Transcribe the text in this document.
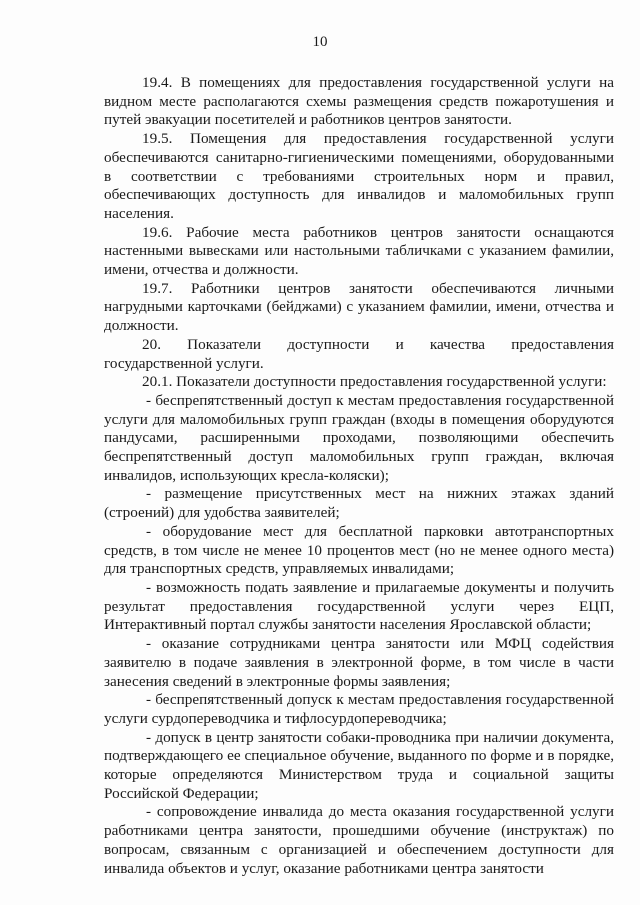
10

19.4. В помещениях для предоставления государственной услуги на видном месте располагаются схемы размещения средств пожаротушения и путей эвакуации посетителей и работников центров занятости.

19.5. Помещения для предоставления государственной услуги обеспечиваются санитарно-гигиеническими помещениями, оборудованными в соответствии с требованиями строительных норм и правил, обеспечивающих доступность для инвалидов и маломобильных групп населения.

19.6. Рабочие места работников центров занятости оснащаются настенными вывесками или настольными табличками с указанием фамилии, имени, отчества и должности.

19.7. Работники центров занятости обеспечиваются личными нагрудными карточками (бейджами) с указанием фамилии, имени, отчества и должности.

20. Показатели доступности и качества предоставления государственной услуги.

20.1. Показатели доступности предоставления государственной услуги:

- беспрепятственный доступ к местам предоставления государственной услуги для маломобильных групп граждан (входы в помещения оборудуются пандусами, расширенными проходами, позволяющими обеспечить беспрепятственный доступ маломобильных групп граждан, включая инвалидов, использующих кресла-коляски);

- размещение присутственных мест на нижних этажах зданий (строений) для удобства заявителей;

- оборудование мест для бесплатной парковки автотранспортных средств, в том числе не менее 10 процентов мест (но не менее одного места) для транспортных средств, управляемых инвалидами;

- возможность подать заявление и прилагаемые документы и получить результат предоставления государственной услуги через ЕЦП, Интерактивный портал службы занятости населения Ярославской области;

- оказание сотрудниками центра занятости или МФЦ содействия заявителю в подаче заявления в электронной форме, в том числе в части занесения сведений в электронные формы заявления;

- беспрепятственный допуск к местам предоставления государственной услуги сурдопереводчика и тифлосурдопереводчика;

- допуск в центр занятости собаки-проводника при наличии документа, подтверждающего ее специальное обучение, выданного по форме и в порядке, которые определяются Министерством труда и социальной защиты Российской Федерации;

- сопровождение инвалида до места оказания государственной услуги работниками центра занятости, прошедшими обучение (инструктаж) по вопросам, связанным с организацией и обеспечением доступности для инвалида объектов и услуг, оказание работниками центра занятости
